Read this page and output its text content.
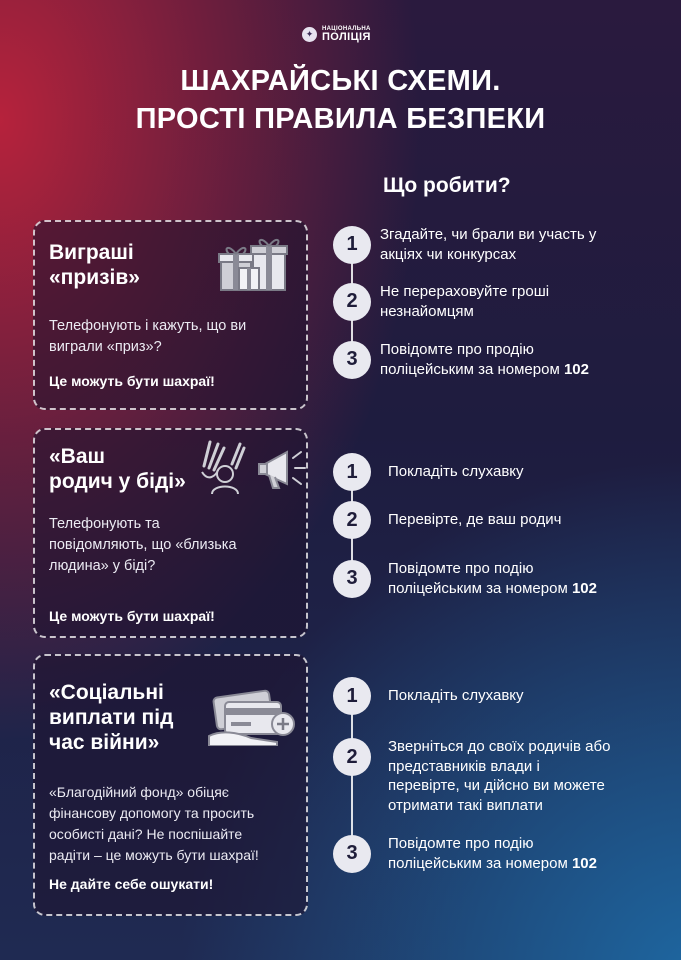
✦	НАЦІОНАЛЬНА
ПОЛІЦІЯ
ШАХРАЙСЬКІ СХЕМИ.
ПРОСТІ ПРАВИЛА БЕЗПЕКИ
Що робити?
Виграші
«призів»
Телефонують і кажуть, що ви
виграли «приз»?
Це можуть бути шахраї!
«Ваш
родич у біді»
Телефонують та
повідомляють, що «близька
людина» у біді?
Це можуть бути шахраї!
«Соціальні
виплати під
час війни»
«Благодійний фонд» обіцяє
фінансову допомогу та просить
особисті дані? Не поспішайте
радіти – це можуть бути шахраї!
Не дайте себе ошукати!
1	Згадайте, чи брали ви участь у
акціях чи конкурсах
2	Не перераховуйте гроші
незнайомцям
3	Повідомте про продію
поліцейським за номером 102
1	Покладіть слухавку
2	Перевірте, де ваш родич
3	Повідомте про подію
поліцейським за номером 102
1	Покладіть слухавку
2	Зверніться до своїх родичів або
представників влади і
перевірте, чи дійсно ви можете
отримати такі виплати
3	Повідомте про подію
поліцейським за номером 102
